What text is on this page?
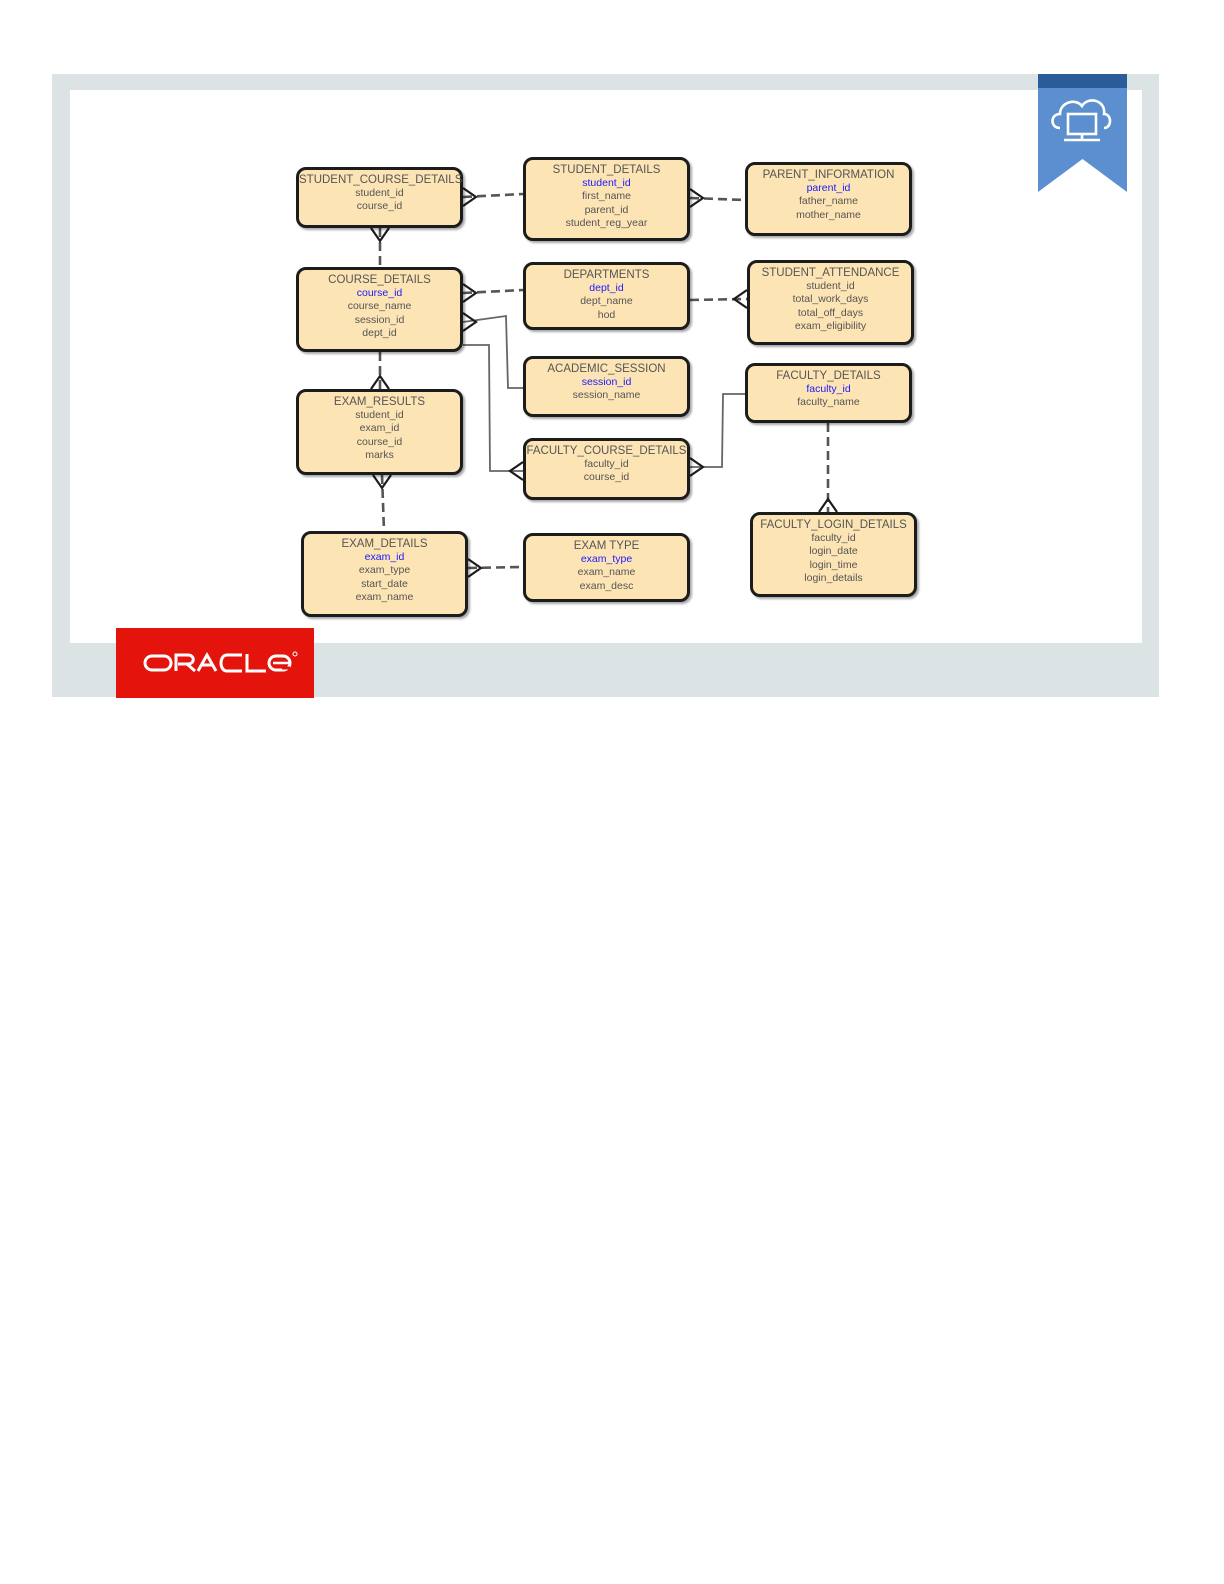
STUDENT_COURSE_DETAILS
student_id
course_id
STUDENT_DETAILS
student_id
first_name
parent_id
student_reg_year
PARENT_INFORMATION
parent_id
father_name
mother_name
COURSE_DETAILS
course_id
course_name
session_id
dept_id
DEPARTMENTS
dept_id
dept_name
hod
STUDENT_ATTENDANCE
student_id
total_work_days
total_off_days
exam_eligibility
ACADEMIC_SESSION
session_id
session_name
FACULTY_DETAILS
faculty_id
faculty_name
EXAM_RESULTS
student_id
exam_id
course_id
marks	FACULTY_COURSE_DETAILS
faculty_id
course_id
FACULTY_LOGIN_DETAILS
faculty_id
login_date
login_time
login_details
EXAM_DETAILS
exam_id
exam_type
start_date
exam_name
EXAM TYPE
exam_type
exam_name
exam_desc
